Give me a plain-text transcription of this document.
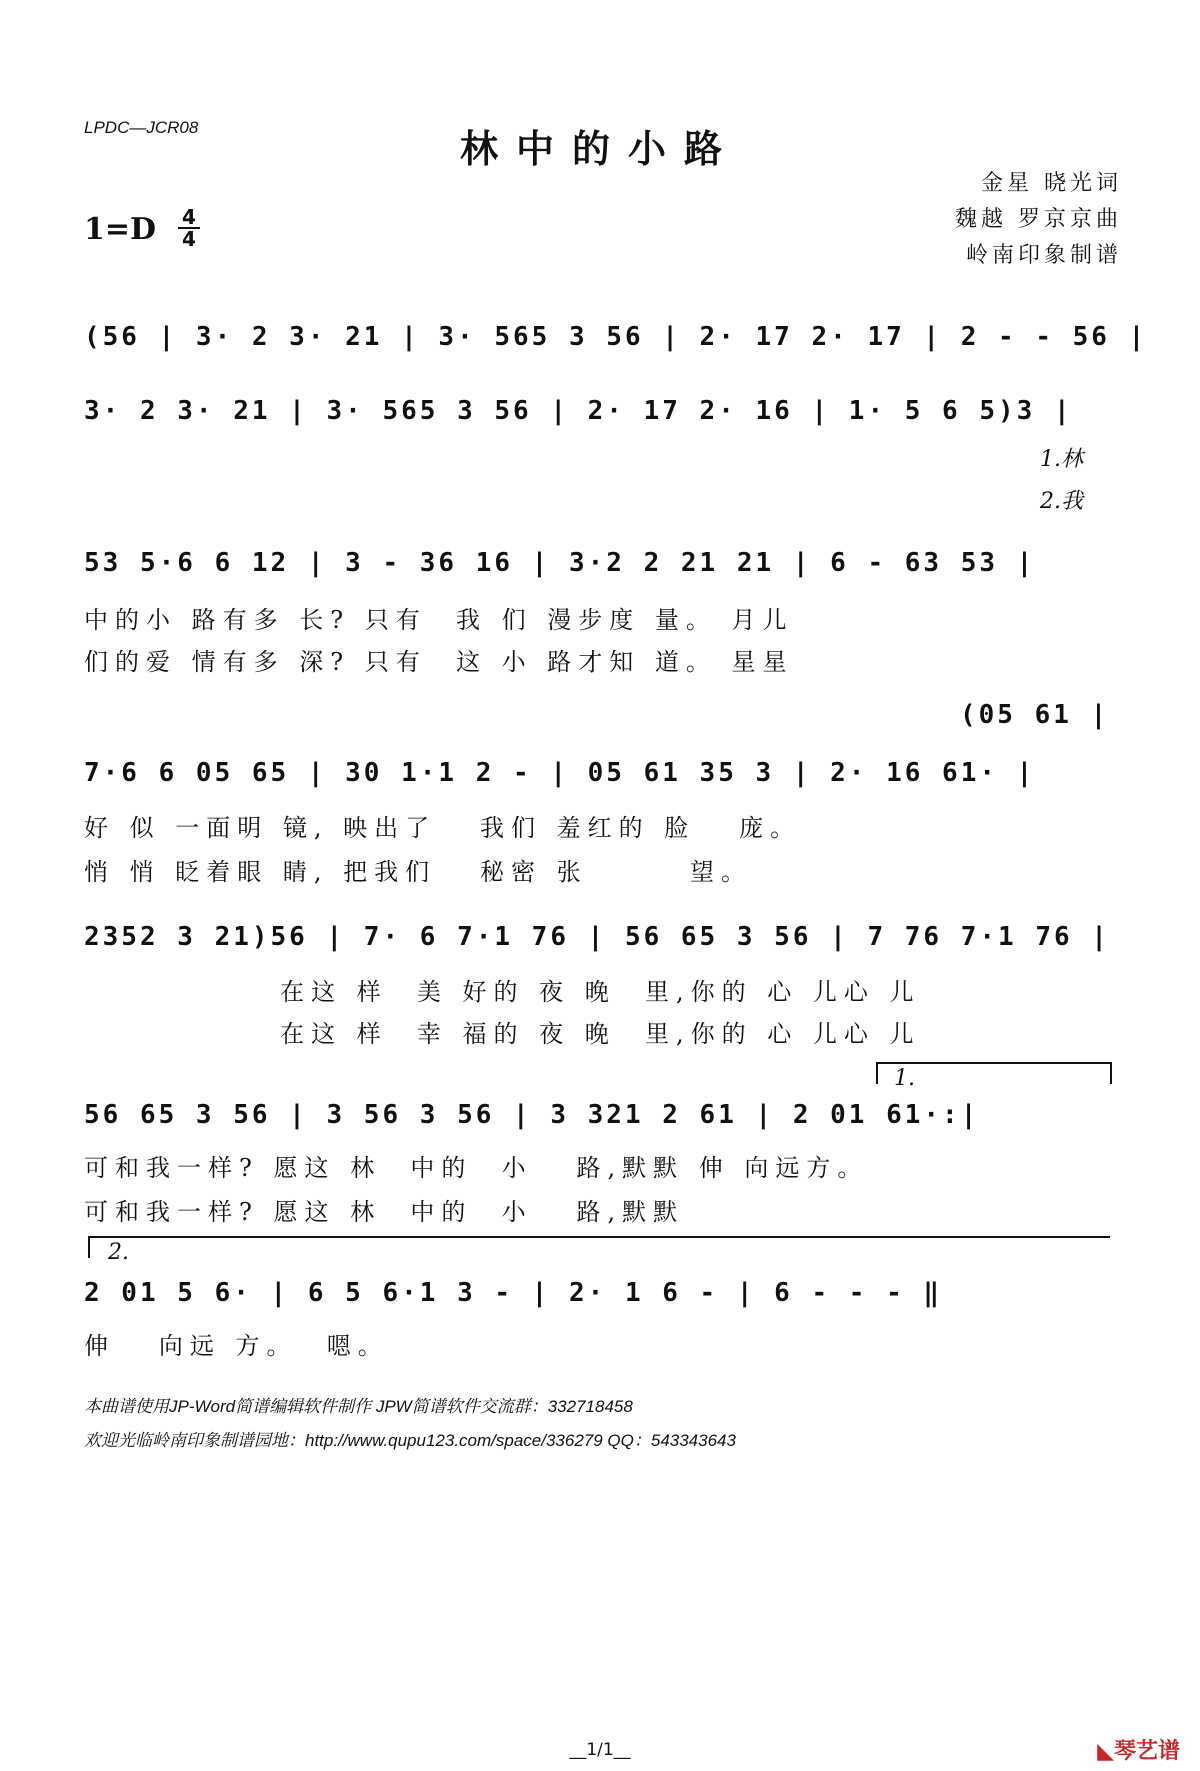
LPDC—JCR08	林中的小路
1=D 4
4
金星 晓光词
魏越 罗京京曲
岭南印象制谱
(56 | 3· 2 3· 21 | 3· 565 3 56 | 2· 17 2· 17 | 2 - - 56 |
3· 2 3· 21 | 3· 565 3 56 | 2· 17 2· 16 | 1· 5 6 5)3 |
1.林
2.我
53 5·6 6 12 | 3 - 36 16 | 3·2 2 21 21 | 6 - 63 53 |
中的小 路有多 长? 只有  我 们 漫步度 量。 月儿
们的爱 情有多 深? 只有  这 小 路才知 道。 星星
(05 61 |
7·6 6 05 65 | 30 1·1 2 - | 05 61 35 3 | 2· 16 61· |
好 似 一面明 镜, 映出了   我们 羞红的 脸   庞。
悄 悄 眨着眼 睛, 把我们   秘密 张       望。
2352 3 21)56 | 7· 6 7·1 76 | 56 65 3 56 | 7 76 7·1 76 |
在这 样  美 好的 夜 晚  里,你的 心 儿心 儿
在这 样  幸 福的 夜 晚  里,你的 心 儿心 儿
1.
56 65 3 56 | 3 56 3 56 | 3 321 2 61 | 2 01 61·:|
可和我一样? 愿这 林  中的  小   路,默默 伸 向远方。
可和我一样? 愿这 林  中的  小   路,默默
2.
2 01 5 6· | 6 5 6·1 3 - | 2· 1 6 - | 6 - - - ‖
伸   向远 方。  嗯。
本曲谱使用JP-Word简谱编辑软件制作 JPW简谱软件交流群：332718458
欢迎光临岭南印象制谱园地：http://www.qupu123.com/space/336279 QQ：543343643
__1/1__	◣琴艺谱
